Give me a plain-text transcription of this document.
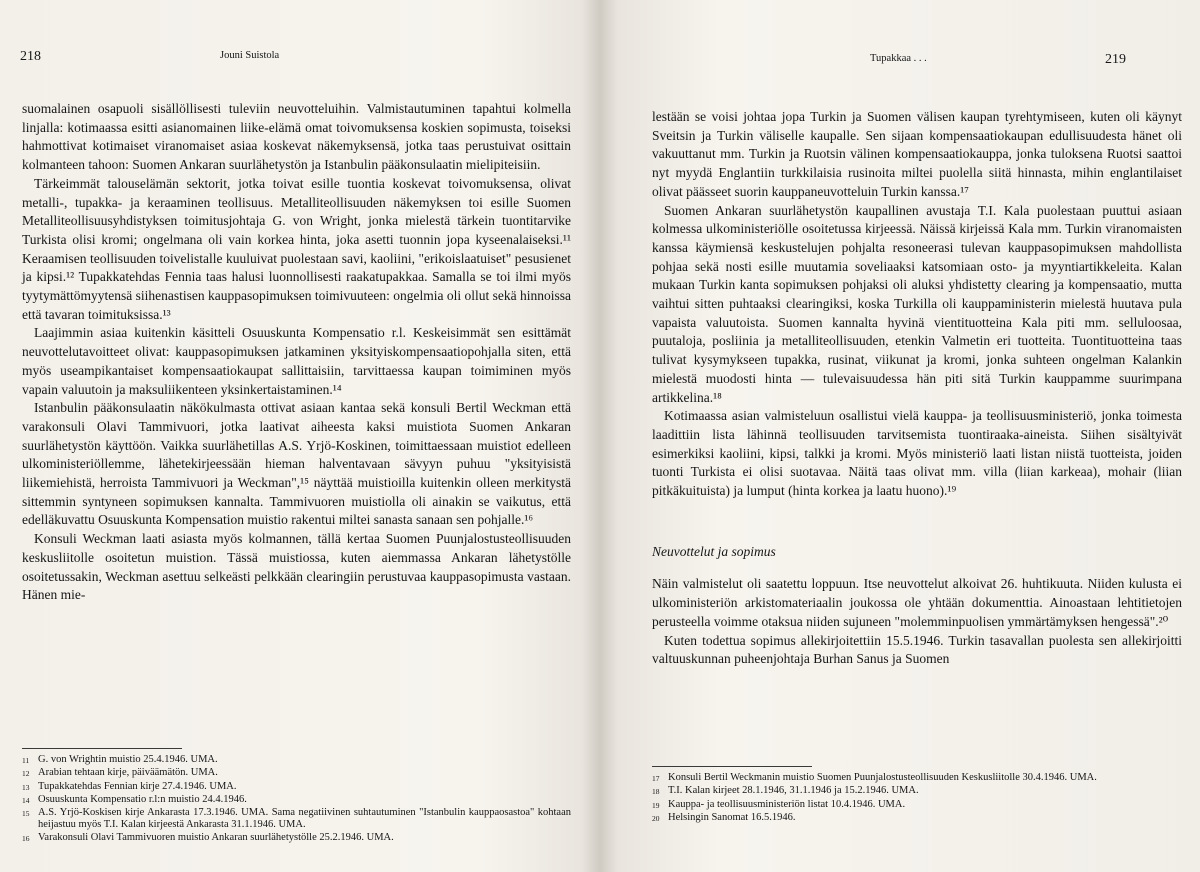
218	Jouni Suistola

suomalainen osapuoli sisällöllisesti tuleviin neuvotteluihin. Valmistautuminen tapahtui kolmella linjalla: kotimaassa esitti asianomainen liike-elämä omat toivomuksensa koskien sopimusta, toiseksi hahmottivat kotimaiset viranomaiset asiaa koskevat näkemyksensä, jotka taas perustuivat osittain kolmanteen tahoon: Suomen Ankaran suurlähetystön ja Istanbulin pääkonsulaatin mielipiteisiin.

Tärkeimmät talouselämän sektorit, jotka toivat esille tuontia koskevat toivomuksensa, olivat metalli-, tupakka- ja keraaminen teollisuus. Metalliteollisuuden näkemyksen toi esille Suomen Metalliteollisuusyhdistyksen toimitusjohtaja G. von Wright, jonka mielestä tärkein tuontitarvike Turkista olisi kromi; ongelmana oli vain korkea hinta, joka asetti tuonnin jopa kyseenalaiseksi.¹¹ Keraamisen teollisuuden toivelistalle kuuluivat puolestaan savi, kaoliini, "erikoislaatuiset" pesusienet ja kipsi.¹² Tupakkatehdas Fennia taas halusi luonnollisesti raakatupakkaa. Samalla se toi ilmi myös tyytymättömyytensä siihenastisen kauppasopimuksen toimivuuteen: ongelmia oli ollut sekä hinnoissa että tavaran toimituksissa.¹³

Laajimmin asiaa kuitenkin käsitteli Osuuskunta Kompensatio r.l. Keskeisimmät sen esittämät neuvottelutavoitteet olivat: kauppasopimuksen jatkaminen yksityiskompensaatiopohjalla siten, että myös useampikantaiset kompensaatiokaupat sallittaisiin, tarvittaessa kaupan toimiminen myös vapain valuutoin ja maksuliikenteen yksinkertaistaminen.¹⁴

Istanbulin pääkonsulaatin näkökulmasta ottivat asiaan kantaa sekä konsuli Bertil Weckman että varakonsuli Olavi Tammivuori, jotka laativat aiheesta kaksi muistiota Suomen Ankaran suurlähetystön käyttöön. Vaikka suurlähetillas A.S. Yrjö-Koskinen, toimittaessaan muistiot edelleen ulkoministeriöllemme, lähetekirjeessään hieman halventavaan sävyyn puhuu "yksityisistä liikemiehistä, herroista Tammivuori ja Weckman",¹⁵ näyttää muistioilla kuitenkin olleen merkitystä sittemmin syntyneen sopimuksen kannalta. Tammivuoren muistiolla oli ainakin se vaikutus, että edelläkuvattu Osuuskunta Kompensation muistio rakentui miltei sanasta sanaan sen pohjalle.¹⁶

Konsuli Weckman laati asiasta myös kolmannen, tällä kertaa Suomen Puunjalostusteollisuuden keskusliitolle osoitetun muistion. Tässä muistiossa, kuten aiemmassa Ankaran lähetystölle osoitetussakin, Weckman asettuu selkeästi pelkkään clearingiin perustuvaa kauppasopimusta vastaan. Hänen mie-

11 G. von Wrightin muistio 25.4.1946. UMA.
12 Arabian tehtaan kirje, päiväämätön. UMA.
13 Tupakkatehdas Fennian kirje 27.4.1946. UMA.
14 Osuuskunta Kompensatio r.l:n muistio 24.4.1946.
15 A.S. Yrjö-Koskisen kirje Ankarasta 17.3.1946. UMA. Sama negatiivinen suhtautuminen "Istanbulin kauppaosastoa" kohtaan heijastuu myös T.I. Kalan kirjeestä Ankarasta 31.1.1946. UMA.
16 Varakonsuli Olavi Tammivuoren muistio Ankaran suurlähetystölle 25.2.1946. UMA.
Tupakkaa . . .	219

lestään se voisi johtaa jopa Turkin ja Suomen välisen kaupan tyrehtymiseen, kuten oli käynyt Sveitsin ja Turkin väliselle kaupalle. Sen sijaan kompensaatiokaupan edullisuudesta hänet oli vakuuttanut mm. Turkin ja Ruotsin välinen kompensaatiokauppa, jonka tuloksena Ruotsi saattoi nyt myydä Englantiin turkkilaisia rusinoita miltei puolella siitä hinnasta, mihin englantilaiset olivat päässeet suorin kauppaneuvotteluin Turkin kanssa.¹⁷

Suomen Ankaran suurlähetystön kaupallinen avustaja T.I. Kala puolestaan puuttui asiaan kolmessa ulkoministeriölle osoitetussa kirjeessä. Näissä kirjeissä Kala mm. Turkin viranomaisten kanssa käymiensä keskustelujen pohjalta resoneerasi tulevan kauppasopimuksen mahdollista pohjaa sekä nosti esille muutamia soveliaaksi katsomiaan osto- ja myyntiartikkeleita. Kalan mukaan Turkin kanta sopimuksen pohjaksi oli aluksi yhdistetty clearing ja kompensaatio, mutta vaihtui sitten puhtaaksi clearingiksi, koska Turkilla oli kauppaministerin mielestä huutava pula vapaista valuutoista. Suomen kannalta hyvinä vientituotteina Kala piti mm. selluloosaa, puutaloja, posliinia ja metalliteollisuuden, etenkin Valmetin eri tuotteita. Tuontituotteina taas tulivat kysymykseen tupakka, rusinat, viikunat ja kromi, jonka suhteen ongelman Kalankin mielestä muodosti hinta — tulevaisuudessa hän piti sitä Turkin kauppamme suurimpana artikkelina.¹⁸

Kotimaassa asian valmisteluun osallistui vielä kauppa- ja teollisuusministeriö, jonka toimesta laadittiin lista lähinnä teollisuuden tarvitsemista tuontiraaka-aineista. Siihen sisältyivät esimerkiksi kaoliini, kipsi, talkki ja kromi. Myös ministeriö laati listan niistä tuotteista, joiden tuonti Turkista ei olisi suotavaa. Näitä taas olivat mm. villa (liian karkeaa), mohair (liian pitkäkuituista) ja lumput (hinta korkea ja laatu huono).¹⁹

Neuvottelut ja sopimus

Näin valmistelut oli saatettu loppuun. Itse neuvottelut alkoivat 26. huhtikuuta. Niiden kulusta ei ulkoministeriön arkistomateriaalin joukossa ole yhtään dokumenttia. Ainoastaan lehtitietojen perusteella voimme otaksua niiden sujuneen "molemminpuolisen ymmärtämyksen hengessä".²⁰

Kuten todettua sopimus allekirjoitettiin 15.5.1946. Turkin tasavallan puolesta sen allekirjoitti valtuuskunnan puheenjohtaja Burhan Sanus ja Suomen

17 Konsuli Bertil Weckmanin muistio Suomen Puunjalostusteollisuuden Keskusliitolle 30.4.1946. UMA.
18 T.I. Kalan kirjeet 28.1.1946, 31.1.1946 ja 15.2.1946. UMA.
19 Kauppa- ja teollisuusministeriön listat 10.4.1946. UMA.
20 Helsingin Sanomat 16.5.1946.
